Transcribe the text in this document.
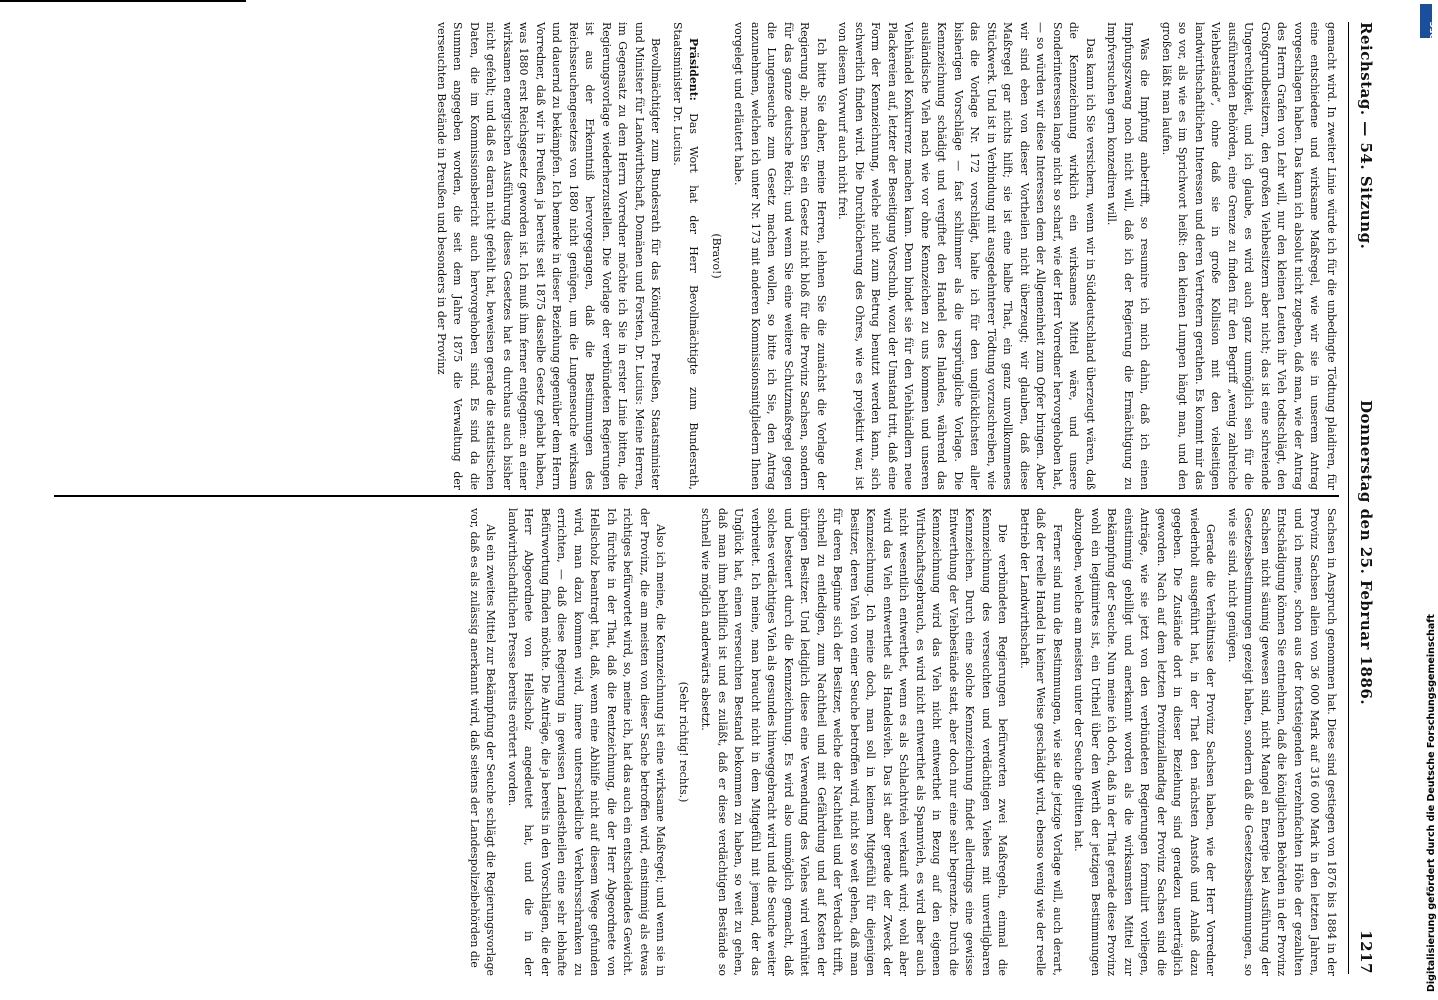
Reichstag. — 54. Sitzung.
Donnerstag den 25. Februar 1886.
1217

gemacht wird. In zweiter Linie würde ich für die unbedingte Tödtung plaidiren, für eine entschiedene und wirksame Maßregel, wie wir sie in unserem Antrag vorgeschlagen haben. Das kann ich absolut nicht zugeben, daß man, wie der Antrag des Herrn Grafen von Lehr will, nur den kleinen Leuten ihr Vieh todtschlägt, den Großgrundbesitzern, den großen Viehbesitzern aber nicht; das ist eine schreiende Ungerechtigkeit, und ich glaube, es wird auch ganz unmöglich sein für die ausführenden Behörden, eine Grenze zu finden für den Begriff „wenig zahlreiche Viehbestände“, ohne daß sie in große Kollision mit den vielseitigen landwirthschaftlichen Interessen und deren Vertretern gerathen. Es kommt mir das so vor, als wie es im Sprichwort heißt: den kleinen Lumpen hängt man, und den großen läßt man laufen.

Was die Impfung anbetrifft, so resumire ich mich dahin, daß ich einen Impfungszwang noch nicht will, daß ich der Regierung die Ermächtigung zu Impfversuchen gern konzediren will.

Das kann ich Sie versichern, wenn wir in Süddeutschland überzeugt wären, daß die Kennzeichnung wirklich ein wirksames Mittel wäre, und unsere Sonderinteressen lange nicht so scharf, wie der Herr Vorredner hervorgehoben hat, — so würden wir diese Interessen dem der Allgemeinheit zum Opfer bringen. Aber wir sind eben von dieser Vortheilen nicht überzeugt; wir glauben, daß diese Maßregel gar nichts hilft; sie ist eine halbe That, ein ganz unvollkommenes Stückwerk. Und ist in Verbindung mit ausgedehnterer Tödtung vorzuschreiben, wie das die Vorlage Nr. 172 vorschlägt, halte ich für den unglücklichsten aller bisherigen Vorschläge — fast schlimmer als die ursprüngliche Vorlage. Die Kennzeichnung schädigt und vergiftet den Handel des Inlandes, während das ausländische Vieh nach wie vor ohne Kennzeichen zu uns kommen und unseren Viehhändel Konkurrenz machen kann. Denn bindet sie für den Viehhändlern neue Plackereien auf, letzter der Beseitigung Vorschub, wozu der Umstand tritt, daß eine Form der Kennzeichnung, welche nicht zum Betrug benutzt werden kann, sich schwerlich finden wird. Die Durchlöcherung des Ohres, wie es projektirt war, ist von diesem Vorwurf auch nicht frei.

Ich bitte Sie daher, meine Herren, lehnen Sie die zunächst die Vorlage der Regierung ab; machen Sie ein Gesetz nicht bloß für die Provinz Sachsen, sondern für das ganze deutsche Reich; und wenn Sie eine weitere Schutzmaßregel gegen die Lungenseuche zum Gesetz machen wollen, so bitte ich Sie, den Antrag anzunehmen, welchen ich unter Nr. 173 mit anderen Kommissionsmitgliedern Ihnen vorgelegt und erläutert habe.

(Bravo!)

Präsident: Das Wort hat der Herr Bevollmächtigte zum Bundesrath, Staatsminister Dr. Lucius.

Bevollmächtigter zum Bundesrath für das Königreich Preußen, Staatsminister und Minister für Landwirthschaft, Domänen und Forsten, Dr. Lucius: Meine Herren, im Gegensatz zu dem Herrn Vorredner möchte ich Sie in erster Linie bitten, die Regierungsvorlage wiederherzustellen. Die Vorlage der verbündeten Regierungen ist aus der Erkenntniß hervorgegangen, daß die Bestimmungen des Reichsseuchengesetzes von 1880 nicht genügen, um die Lungenseuche wirksam und dauernd zu bekämpfen. Ich bemerke in dieser Beziehung gegenüber dem Herrn Vorredner, daß wir in Preußen ja bereits seit 1875 dasselbe Gesetz gehabt haben, was 1880 erst Reichsgesetz geworden ist. Ich muß ihm ferner entgegnen: an einer wirksamen energischen Ausführung dieses Gesetzes hat es durchaus auch bisher nicht gefehlt; und daß es daran nicht gefehlt hat, beweisen gerade die statistischen Daten, die im Kommissionsbericht auch hervorgehoben sind. Es sind da die Summen angegeben worden, die seit dem Jahre 1875 die Verwaltung der verseuchten Bestände in Preußen und besonders in der Provinz

Sachsen in Anspruch genommen hat. Diese sind gestiegen von 1876 bis 1884 in der Provinz Sachsen allein von 36 000 Mark auf 316 000 Mark in den letzten Jahren, und ich meine, schon aus der fortsteigenden verzehnfachten Höhe der gezahlten Entschädigung können Sie entnehmen, daß die königlichen Behörden in der Provinz Sachsen nicht säumig gewesen sind, nicht Mangel an Energie bei Ausführung der Gesetzesbestimmungen gezeigt haben, sondern daß die Gesetzesbestimmungen, so wie sie sind, nicht genügen.

Gerade die Verhältnisse der Provinz Sachsen haben, wie der Herr Vorredner wiederholt ausgeführt hat, in der That den nächsten Anstoß und Anlaß dazu gegeben. Die Zustände dort in dieser Beziehung sind geradezu unerträglich geworden. Nach auf dem letzten Provinziallandtag der Provinz Sachsen sind die Anträge, wie sie jetzt von den verbündeten Regierungen formulirt vorliegen, einstimmig gebilligt und anerkannt worden als die wirksamsten Mittel zur Bekämpfung der Seuche. Nun meine ich doch, daß in der That gerade diese Provinz wohl ein legitimirtes ist, ein Urtheil über den Werth der jetzigen Bestimmungen abzugeben, welche am meisten unter der Seuche gelitten hat.

Ferner sind nun die Bestimmungen, wie sie die jetzige Vorlage will, auch derart, daß der reelle Handel in keiner Weise geschädigt wird, ebenso wenig wie der reelle Betrieb der Landwirthschaft.

Die verbündeten Regierungen befürworten zwei Maßregeln, einmal die Kennzeichnung des verseuchten und verdächtigen Viehes mit unvertilgbaren Kennzeichen. Durch eine solche Kennzeichnung findet allerdings eine gewisse Entwerthung der Viehbestände statt, aber doch nur eine sehr begrenzte. Durch die Kennzeichnung wird das Vieh nicht entwerthet in Bezug auf den eigenen Wirthschaftsgebrauch, es wird nicht entwerthet als Spannvieh, es wird aber auch nicht wesentlich entwerthet, wenn es als Schlachtvieh verkauft wird; wohl aber wird das Vieh entwerthet als Handelsvieh. Das ist aber gerade der Zweck der Kennzeichnung. Ich meine doch, man soll in keinem Mitgefühl für diejenigen Besitzer, deren Vieh von einer Seuche betroffen wird, nicht so weit gehen, daß man für deren Beginne sich der Besitzer, welche der Nachtheil und der Verdacht trifft, schnell zu entledigen, zum Nachtheil und mit Gefährdung und auf Kosten der übrigen Besitzer. Und lediglich diese eine Verwendung des Viehes wird verhütet und besteuert durch die Kennzeichnung. Es wird also unmöglich gemacht, daß solches verdächtiges Vieh als gesundes hinweggebracht wird und die Seuche weiter verbreitet. Ich meine, man braucht nicht in dem Mitgefühl mit jemand, der das Unglück hat, einen verseuchten Bestand bekommen zu haben, so weit zu gehen, daß man ihm behilflich ist und es zuläßt, daß er diese verdächtigen Bestände so schnell wie möglich anderwärts absetzt.

(Sehr richtig! rechts.)

Also ich meine, die Kennzeichnung ist eine wirksame Maßregel; und wenn sie in der Provinz, die am meisten von dieser Sache betroffen wird, einstimmig als etwas richtiges befürwortet wird, so, meine ich, hat das auch ein entscheidendes Gewicht. Ich fürchte in der That, daß die Rentzeichnung, die der Herr Abgeordnete von Hellscholz beantragt hat, daß, wenn eine Abhilfe nicht auf diesem Wege gefunden wird, man dazu kommen wird, innere unterschiedliche Verkehrsschranken zu errichten, — daß diese Regierung in gewissen Landestheilen eine sehr lebhafte Befürwortung finden möchte. Die Anträge, die ja bereits in den Vorschlägen, die der Herr Abgeordnete von Hellscholz angedeutet hat, und die in der landwirthschaftlichen Presse bereits erörtert worden.

Als ein zweites Mittel zur Bekämpfung der Seuche schlägt die Regierungsvorlage vor, daß es als zulässig anerkannt wird, daß seitens der Landespolizeibehörden die

DFG
Digitalisierung gefördert durch die Deutsche Forschungsgemeinschaft
